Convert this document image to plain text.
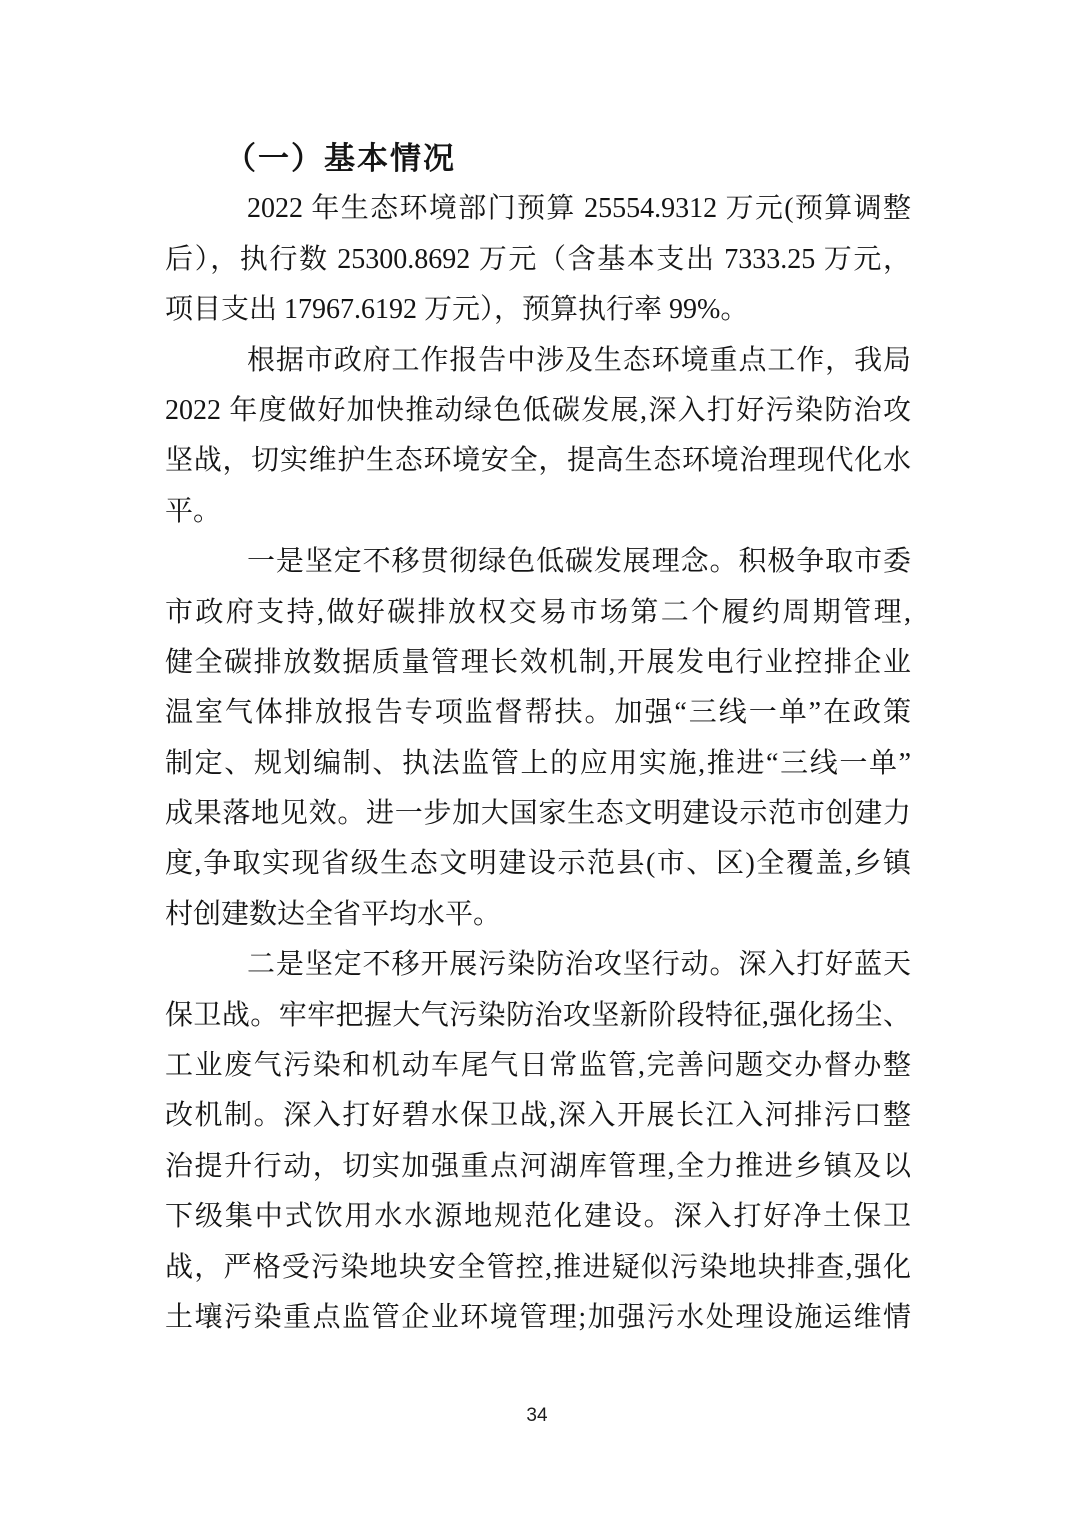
（一）基本情况
2022 年生态环境部门预算 25554.9312 万元(预算调整
后），执行数 25300.8692 万元（含基本支出 7333.25 万元，
项目支出 17967.6192 万元），预算执行率 99%。
根据市政府工作报告中涉及生态环境重点工作，我局
2022 年度做好加快推动绿色低碳发展,深入打好污染防治攻
坚战，切实维护生态环境安全，提高生态环境治理现代化水
平。
一是坚定不移贯彻绿色低碳发展理念。积极争取市委
市政府支持,做好碳排放权交易市场第二个履约周期管理,
健全碳排放数据质量管理长效机制,开展发电行业控排企业
温室气体排放报告专项监督帮扶。加强“三线一单”在政策
制定、规划编制、执法监管上的应用实施,推进“三线一单”
成果落地见效。进一步加大国家生态文明建设示范市创建力
度,争取实现省级生态文明建设示范县(市、区)全覆盖,乡镇
村创建数达全省平均水平。
二是坚定不移开展污染防治攻坚行动。深入打好蓝天
保卫战。牢牢把握大气污染防治攻坚新阶段特征,强化扬尘、
工业废气污染和机动车尾气日常监管,完善问题交办督办整
改机制。深入打好碧水保卫战,深入开展长江入河排污口整
治提升行动，切实加强重点河湖库管理,全力推进乡镇及以
下级集中式饮用水水源地规范化建设。深入打好净土保卫
战，严格受污染地块安全管控,推进疑似污染地块排查,强化
土壤污染重点监管企业环境管理;加强污水处理设施运维情
34
